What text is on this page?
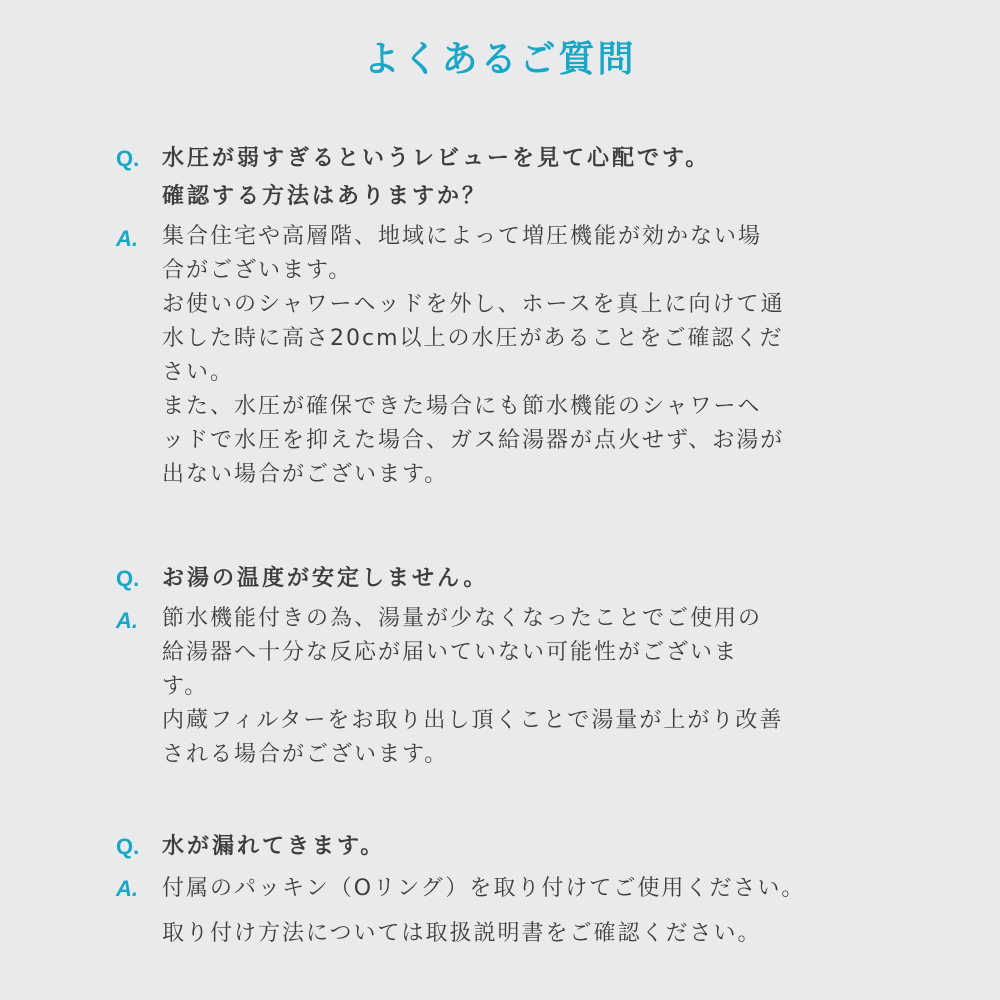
よくあるご質問
Q.	水圧が弱すぎるというレビューを見て心配です。
確認する方法はありますか？
A.	集合住宅や高層階、地域によって増圧機能が効かない場
合がございます。
お使いのシャワーヘッドを外し、ホースを真上に向けて通
水した時に高さ20cm以上の水圧があることをご確認くだ
さい。
また、水圧が確保できた場合にも節水機能のシャワーヘ
ッドで水圧を抑えた場合、ガス給湯器が点火せず、お湯が
出ない場合がございます。
Q.	お湯の温度が安定しません。
A.	節水機能付きの為、湯量が少なくなったことでご使用の
給湯器へ十分な反応が届いていない可能性がございま
す。
内蔵フィルターをお取り出し頂くことで湯量が上がり改善
される場合がございます。
Q.	水が漏れてきます。
A.	付属のパッキン（Oリング）を取り付けてご使用ください。
取り付け方法については取扱説明書をご確認ください。
